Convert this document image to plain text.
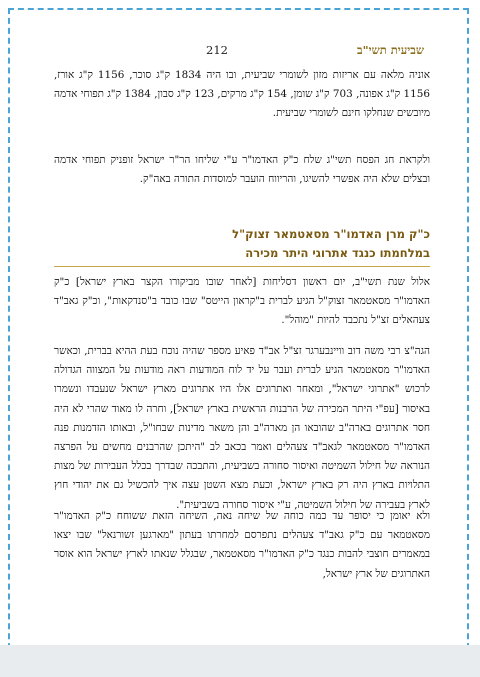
שביעית תשי"ב
212

אוניה מלאה עם אריזות מזון לשומרי שביעית, ובו היה 1834 ק"ג סוכר, 1156 ק"ג אורז, 1156 ק"ג אפונה, 703 ק"ג שומן, 154 ק"ג מרקים, 123 ק"ג סבון, 1384 ק"ג תפוחי אדמה מיובשים שנחלקו חינם לשומרי שביעית.

ולקראת חג הפסח תשי"ג שלח כ"ק האדמו"ר ע"י שליחו הר"ר ישראל זופניק תפוחי אדמה ובצלים שלא היה אפשרי להשיגו, והריווח הועבר למוסדות התורה באה"ק.

כ"ק מרן האדמו"ר מסאטמאר זצוק"ל
במלחמתו כנגד אתרוגי היתר מכירה

אלול שנת תשי"ב, יום ראשון דסליחות [לאחר שובו מביקורו הקצר בארץ ישראל] כ"ק האדמו"ר מסאטמאר זצוק"ל הגיע לברית ב"קראון הייטס" שבו כובד ב"סנדקאות", וכ"ק גאב"ד צעהאלים זצ"ל נתכבד להיות "מוהל".

הגה"צ רבי משה דוב וויינבערגר זצ"ל אב"ד פאיע מספר שהיה נוכח בעת ההיא בברית, וכאשר האדמו"ר מסאטמאר הגיע לברית ועבר על יד לוח המודעות ראה מודעות על המצווה הגדולה לרכוש "אתרוגי ישראל", ומאחר ואתרוגים אלו היו אתרוגים מארץ ישראל שנעבדו ונשמרו באיסור [עפ"י היתר המכירה של הרבנות הראשית בארץ ישראל], וחרה לו מאוד שהרי לא היה חסר אתרוגים בארה"ב שהובאו הן מארה"ב והן משאר מדינות שבחו"ל, ובאותו הזדמנות פנה האדמו"ר מסאטמאר לגאב"ד צעהלים ואמר בכאב לב "היתכן שהרבנים מחשים על הפרצה הנוראה של חילול השמיטה ואיסור סחורה בשביעית, והתבכה שבדרך בכלל העבירות של מצות התלויות בארץ היה רק בארץ ישראל, וכעת מצא השטן עצה איך להכשיל גם את יהודי חוץ לארץ בעבירה של חילול השמיטה, ע"י איסור סחורה בשביעית".

ולא יאומן כי יסופר עד כמה כוחה של שיחה נאה, השיחה הזאת ששוחח כ"ק האדמו"ר מסאטמאר עם כ"ק גאב"ד צעהלים נתפרסם למחרתו בעתון "מארגען זשורנאל" שבו יצאו במאמרים חוצבי להבות כנגד כ"ק האדמו"ר מסאטמאר, שבגלל שנאתו לארץ ישראל הוא אוסר האתרוגים של ארץ ישראל,
